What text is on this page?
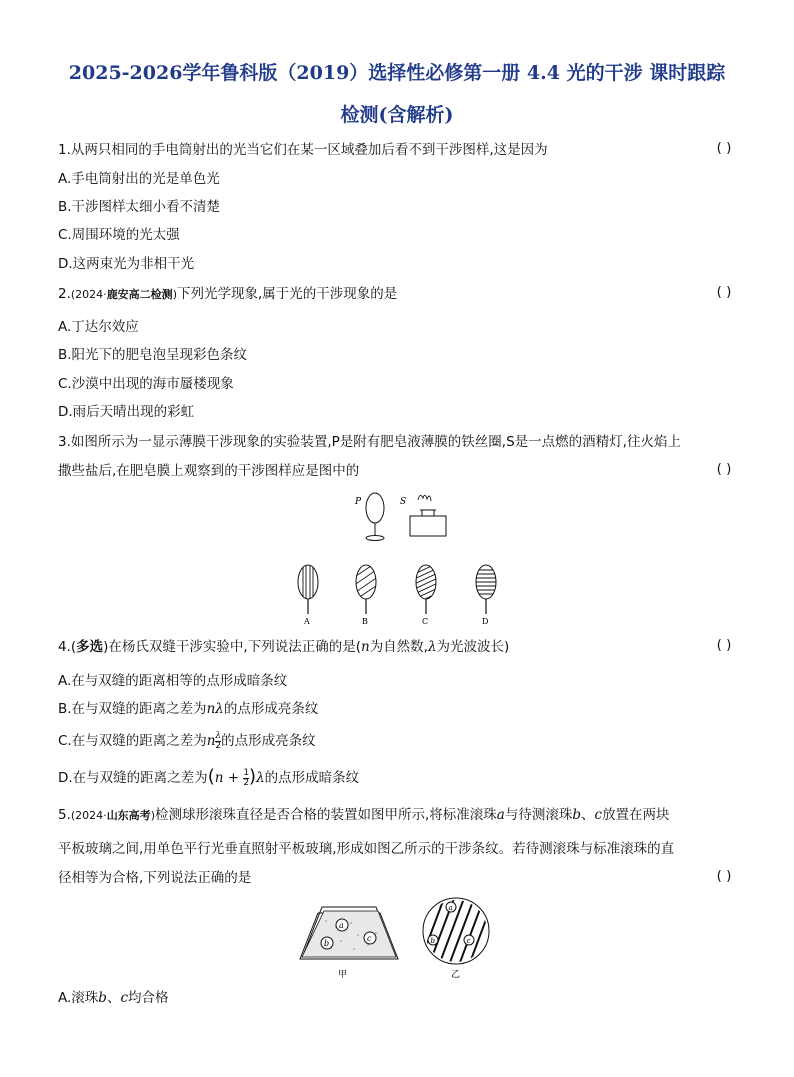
2025-2026学年鲁科版（2019）选择性必修第一册 4.4 光的干涉 课时跟踪
检测(含解析)
1.从两只相同的手电筒射出的光当它们在某一区域叠加后看不到干涉图样,这是因为	( )
A.手电筒射出的光是单色光
B.干涉图样太细小看不清楚
C.周围环境的光太强
D.这两束光为非相干光
2.(2024·鹿安高二检测)下列光学现象,属于光的干涉现象的是	( )
A.丁达尔效应
B.阳光下的肥皂泡呈现彩色条纹
C.沙漠中出现的海市蜃楼现象
D.雨后天晴出现的彩虹
3.如图所示为一显示薄膜干涉现象的实验装置,P是附有肥皂液薄膜的铁丝圈,S是一点燃的酒精灯,往火焰上
撒些盐后,在肥皂膜上观察到的干涉图样应是图中的	( )
P	S
A	B	C	D
4.(多选)在杨氏双缝干涉实验中,下列说法正确的是(n为自然数,λ为光波波长)	( )
A.在与双缝的距离相等的点形成暗条纹
B.在与双缝的距离之差为nλ的点形成亮条纹
C.在与双缝的距离之差为n $\frac{\lambda}{2}$ 的点形成亮条纹
D.在与双缝的距离之差为$(n + \frac{1}{2} )\lambda$的点形成暗条纹
5.(2024·山东高考)检测球形滚珠直径是否合格的装置如图甲所示,将标准滚珠a与待测滚珠b、c放置在两块
平板玻璃之间,用单色平行光垂直照射平板玻璃,形成如图乙所示的干涉条纹。若待测滚珠与标准滚珠的直
径相等为合格,下列说法正确的是	( )
a
b
c
甲
a
b	c
乙
A.滚珠b、c均合格
